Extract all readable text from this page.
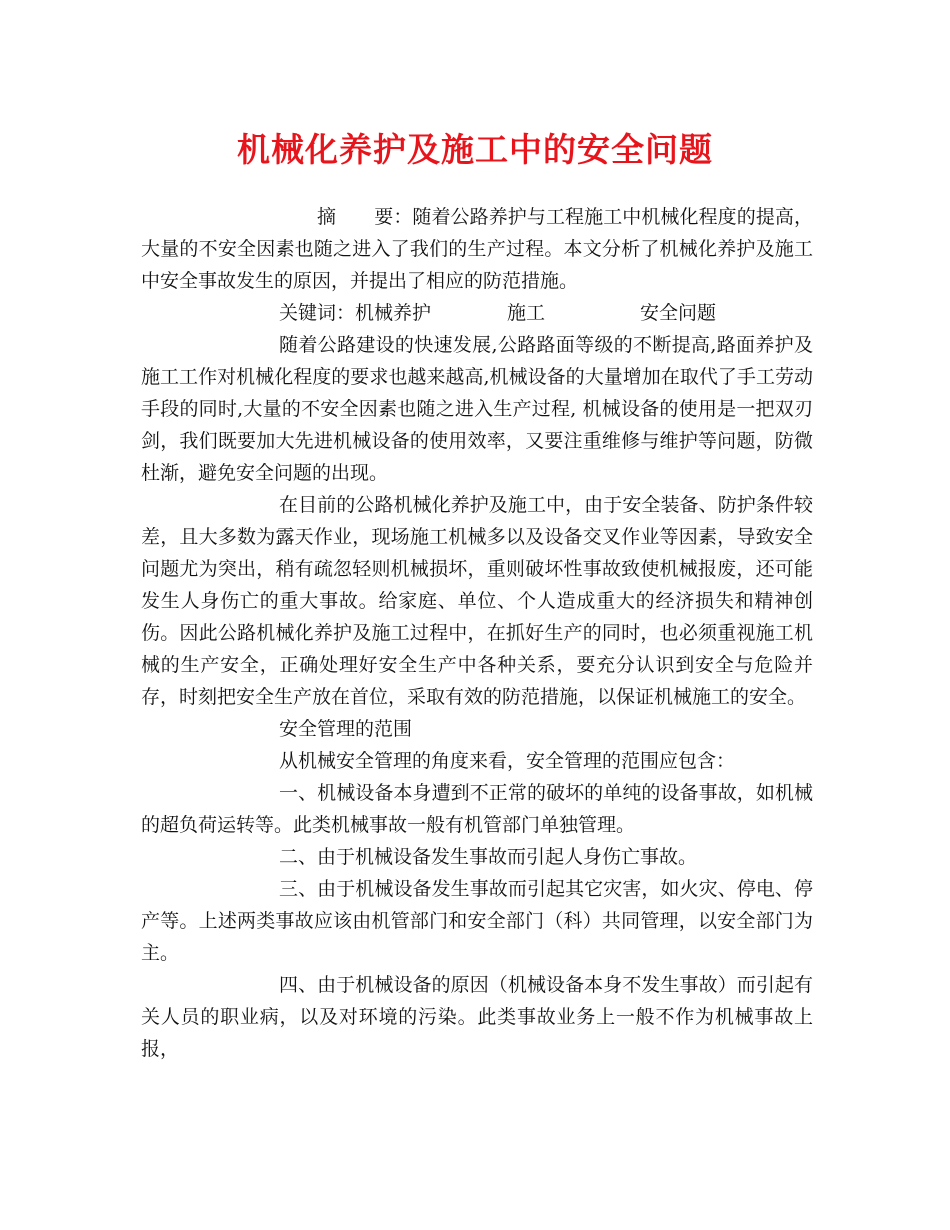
机械化养护及施工中的安全问题

摘　　要：随着公路养护与工程施工中机械化程度的提高，大量的不安全因素也随之进入了我们的生产过程。本文分析了机械化养护及施工中安全事故发生的原因，并提出了相应的防范措施。

关键词：机械养护　　　　施工　　　　　安全问题

随着公路建设的快速发展,公路路面等级的不断提高,路面养护及施工工作对机械化程度的要求也越来越高,机械设备的大量增加在取代了手工劳动手段的同时,大量的不安全因素也随之进入生产过程, 机械设备的使用是一把双刃剑，我们既要加大先进机械设备的使用效率，又要注重维修与维护等问题，防微杜渐，避免安全问题的出现。

在目前的公路机械化养护及施工中，由于安全装备、防护条件较差，且大多数为露天作业，现场施工机械多以及设备交叉作业等因素，导致安全问题尤为突出，稍有疏忽轻则机械损坏，重则破坏性事故致使机械报废，还可能发生人身伤亡的重大事故。给家庭、单位、个人造成重大的经济损失和精神创伤。因此公路机械化养护及施工过程中，在抓好生产的同时，也必须重视施工机械的生产安全，正确处理好安全生产中各种关系，要充分认识到安全与危险并存，时刻把安全生产放在首位，采取有效的防范措施，以保证机械施工的安全。

安全管理的范围

从机械安全管理的角度来看，安全管理的范围应包含：

一、机械设备本身遭到不正常的破坏的单纯的设备事故，如机械的超负荷运转等。此类机械事故一般有机管部门单独管理。

二、由于机械设备发生事故而引起人身伤亡事故。

三、由于机械设备发生事故而引起其它灾害，如火灾、停电、停产等。上述两类事故应该由机管部门和安全部门（科）共同管理，以安全部门为主。

四、由于机械设备的原因（机械设备本身不发生事故）而引起有关人员的职业病，以及对环境的污染。此类事故业务上一般不作为机械事故上报，
